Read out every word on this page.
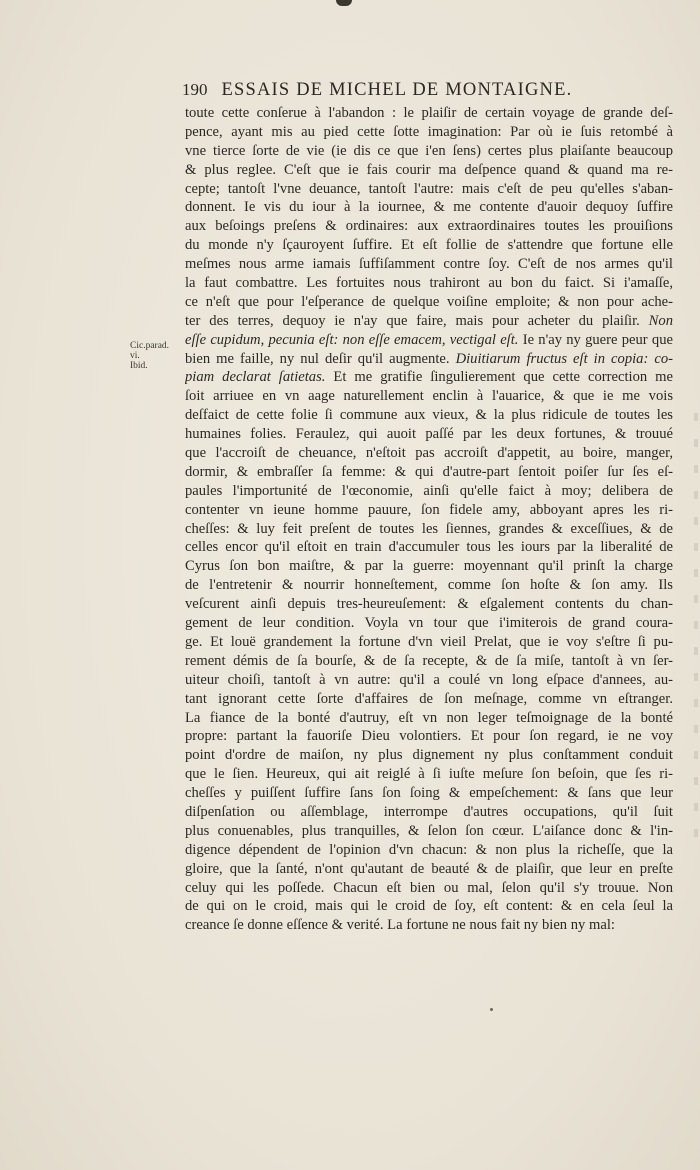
190 ESSAIS DE MICHEL DE MONTAIGNE.
Cic.parad.
vi.
Ibid.
toute cette conſerue à l'abandon : le plaiſir de certain voyage de grande deſ-
pence, ayant mis au pied cette ſotte imagination: Par où ie ſuis retombé à
vne tierce ſorte de vie (ie dis ce que i'en ſens) certes plus plaiſante beaucoup
& plus reglee. C'eſt que ie fais courir ma deſpence quand & quand ma re-
cepte; tantoſt l'vne deuance, tantoſt l'autre: mais c'eſt de peu qu'elles s'aban-
donnent. Ie vis du iour à la iournee, & me contente d'auoir dequoy ſuffire
aux beſoings preſens & ordinaires: aux extraordinaires toutes les prouiſions
du monde n'y ſçauroyent ſuffire. Et eſt follie de s'attendre que fortune elle
meſmes nous arme iamais ſuffiſamment contre ſoy. C'eſt de nos armes qu'il
la faut combattre. Les fortuites nous trahiront au bon du faict. Si i'amaſſe,
ce n'eſt que pour l'eſperance de quelque voiſine emploite; & non pour ache-
ter des terres, dequoy ie n'ay que faire, mais pour acheter du plaiſir. Non
eſſe cupidum, pecunia eſt: non eſſe emacem, vectigal eſt. Ie n'ay ny guere peur que
bien me faille, ny nul deſir qu'il augmente. Diuitiarum fructus eſt in copia: co-
piam declarat ſatietas. Et me gratifie ſingulierement que cette correction me
ſoit arriuee en vn aage naturellement enclin à l'auarice, & que ie me vois
deſfaict de cette folie ſi commune aux vieux, & la plus ridicule de toutes les
humaines folies. Feraulez, qui auoit paſſé par les deux fortunes, & trouué
que l'accroiſt de cheuance, n'eſtoit pas accroiſt d'appetit, au boire, manger,
dormir, & embraſſer ſa femme: & qui d'autre-part ſentoit poiſer ſur ſes eſ-
paules l'importunité de l'œconomie, ainſi qu'elle faict à moy; delibera de
contenter vn ieune homme pauure, ſon fidele amy, abboyant apres les ri-
cheſſes: & luy feit preſent de toutes les ſiennes, grandes & exceſſiues, & de
celles encor qu'il eſtoit en train d'accumuler tous les iours par la liberalité de
Cyrus ſon bon maiſtre, & par la guerre: moyennant qu'il prinſt la charge
de l'entretenir & nourrir honneſtement, comme ſon hoſte & ſon amy. Ils
veſcurent ainſi depuis tres-heureuſement: & eſgalement contents du chan-
gement de leur condition. Voyla vn tour que i'imiterois de grand coura-
ge. Et louë grandement la fortune d'vn vieil Prelat, que ie voy s'eſtre ſi pu-
rement démis de ſa bourſe, & de ſa recepte, & de ſa miſe, tantoſt à vn ſer-
uiteur choiſi, tantoſt à vn autre: qu'il a coulé vn long eſpace d'annees, au-
tant ignorant cette ſorte d'affaires de ſon meſnage, comme vn eſtranger.
La fiance de la bonté d'autruy, eſt vn non leger teſmoignage de la bonté
propre: partant la fauoriſe Dieu volontiers. Et pour ſon regard, ie ne voy
point d'ordre de maiſon, ny plus dignement ny plus conſtamment conduit
que le ſien. Heureux, qui ait reiglé à ſi iuſte meſure ſon beſoin, que ſes ri-
cheſſes y puiſſent ſuffire ſans ſon ſoing & empeſchement: & ſans que leur
diſpenſation ou aſſemblage, interrompe d'autres occupations, qu'il ſuit
plus conuenables, plus tranquilles, & ſelon ſon cœur. L'aiſance donc & l'in-
digence dépendent de l'opinion d'vn chacun: & non plus la richeſſe, que la
gloire, que la ſanté, n'ont qu'autant de beauté & de plaiſir, que leur en preſte
celuy qui les poſſede. Chacun eſt bien ou mal, ſelon qu'il s'y trouue. Non
de qui on le croid, mais qui le croid de ſoy, eſt content: & en cela ſeul la
creance ſe donne eſſence & verité. La fortune ne nous fait ny bien ny mal:
